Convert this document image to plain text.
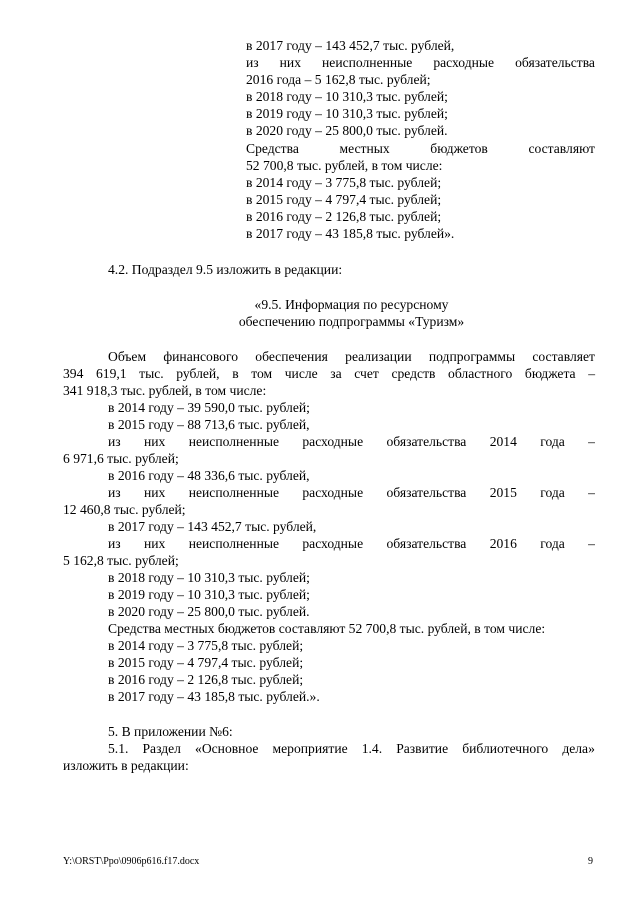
в 2017 году – 143 452,7 тыс. рублей,
из них неисполненные расходные обязательства
2016 года – 5 162,8 тыс. рублей;
в 2018 году – 10 310,3 тыс. рублей;
в 2019 году – 10 310,3 тыс. рублей;
в 2020 году – 25 800,0 тыс. рублей.
Средства	местных	бюджетов	составляют
52 700,8 тыс. рублей, в том числе:
в 2014 году – 3 775,8 тыс. рублей;
в 2015 году – 4 797,4 тыс. рублей;
в 2016 году – 2 126,8 тыс. рублей;
в 2017 году – 43 185,8 тыс. рублей».
4.2. Подраздел 9.5 изложить в редакции:
«9.5. Информация по ресурсному
обеспечению подпрограммы «Туризм»
Объем финансового обеспечения реализации подпрограммы составляет
394 619,1 тыс. рублей, в том числе за счет средств областного бюджета –
341 918,3 тыс. рублей, в том числе:
в 2014 году – 39 590,0 тыс. рублей;
в 2015 году – 88 713,6 тыс. рублей,
из них неисполненные расходные обязательства 2014 года –
6 971,6 тыс. рублей;
в 2016 году – 48 336,6 тыс. рублей,
из них неисполненные расходные обязательства 2015 года –
12 460,8 тыс. рублей;
в 2017 году – 143 452,7 тыс. рублей,
из них неисполненные расходные обязательства 2016 года –
5 162,8 тыс. рублей;
в 2018 году – 10 310,3 тыс. рублей;
в 2019 году – 10 310,3 тыс. рублей;
в 2020 году – 25 800,0 тыс. рублей.
Средства местных бюджетов составляют 52 700,8 тыс. рублей, в том числе:
в 2014 году – 3 775,8 тыс. рублей;
в 2015 году – 4 797,4 тыс. рублей;
в 2016 году – 2 126,8 тыс. рублей;
в 2017 году – 43 185,8 тыс. рублей.».
5. В приложении №6:
5.1. Раздел «Основное мероприятие 1.4. Развитие библиотечного дела»
изложить в редакции:
Y:\ORST\Ppo\0906p616.f17.docx	9
